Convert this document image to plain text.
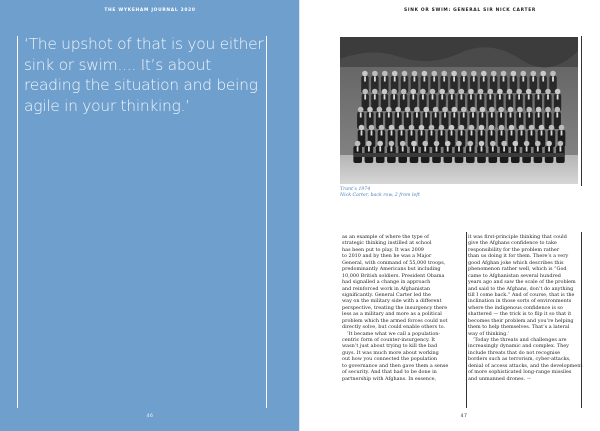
THE WYKEHAM JOURNAL 2020

‘The upshot of that is you either sink or swim.... It’s about reading the situation and being agile in your thinking.’

46
SINK OR SWIM: GENERAL SIR NICK CARTER
Trant’s 1974
Nick Carter, back row, 2 from left
as an example of where the type of
strategic thinking instilled at school
has been put to play. It was 2009
to 2010 and by then he was a Major
General, with command of 55,000 troops,
predominantly Americans but including
10,000 British soldiers. President Obama
had signalled a change in approach
and reinforced work in Afghanistan
significantly. General Carter led the
way on the military side with a different
perspective, treating the insurgency there
less as a military and more as a political
problem which the armed forces could not
directly solve, but could enable others to.
‘It became what we call a population-
centric form of counter-insurgency. It
wasn’t just about trying to kill the bad
guys. It was much more about working
out how you connected the population
to governance and then gave them a sense
of security. And that had to be done in
partnership with Afghans. In essence,
it was first-principle thinking that could
give the Afghans confidence to take
responsibility for the problem rather
than us doing it for them. There’s a very
good Afghan joke which describes this
phenomenon rather well, which is “God
came to Afghanistan several hundred
years ago and saw the scale of the problem
and said to the Afghans, don’t do anything
till I come back.” And of course, that is the
inclination in those sorts of environments
where the indigenous confidence is so
shattered — the trick is to flip it so that it
becomes their problem and you’re helping
them to help themselves. That’s a lateral
way of thinking.’
‘Today the threats and challenges are
increasingly dynamic and complex. They
include threats that do not recognise
borders such as terrorism, cyber-attacks,
denial of access attacks, and the development
of more sophisticated long-range missiles
and unmanned drones. →
47
